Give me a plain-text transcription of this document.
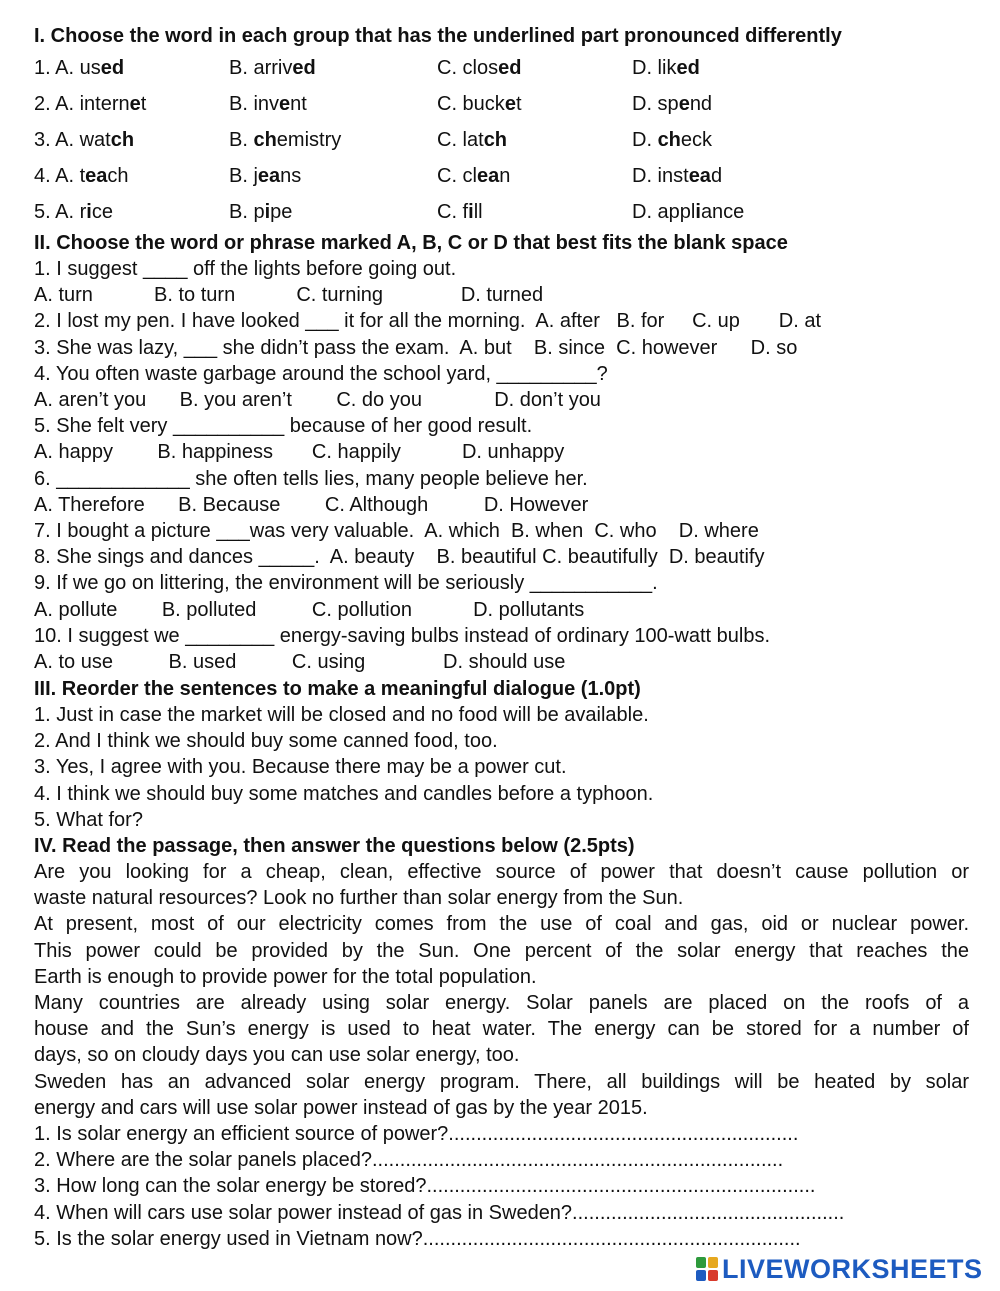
I. Choose the word in each group that has the underlined part pronounced differently
1. A. used	B. arrived	C. closed	D. liked
2. A. internet	B. invent	C. bucket	D. spend
3. A. watch	B. chemistry	C. latch	D. check
4. A. teach	B. jeans	C. clean	D. instead
5. A. rice	B. pipe	C. fill	D. appliance
II. Choose the word or phrase marked A, B, C or D that best fits the blank space
1. I suggest ____ off the lights before going out.
A. turn           B. to turn           C. turning              D. turned
2. I lost my pen. I have looked ___ it for all the morning.  A. after   B. for     C. up       D. at
3. She was lazy, ___ she didn’t pass the exam.  A. but    B. since  C. however      D. so
4. You often waste garbage around the school yard, _________?
A. aren’t you      B. you aren’t        C. do you             D. don’t you
5. She felt very __________ because of her good result.
A. happy        B. happiness       C. happily           D. unhappy
6. ____________ she often tells lies, many people believe her.
A. Therefore      B. Because        C. Although          D. However
7. I bought a picture ___was very valuable.  A. which  B. when  C. who    D. where
8. She sings and dances _____.  A. beauty    B. beautiful C. beautifully  D. beautify
9. If we go on littering, the environment will be seriously ___________.
A. pollute        B. polluted          C. pollution           D. pollutants
10. I suggest we ________ energy-saving bulbs instead of ordinary 100-watt bulbs.
A. to use          B. used          C. using              D. should use
III. Reorder the sentences to make a meaningful dialogue (1.0pt)
1. Just in case the market will be closed and no food will be available.
2. And I think we should buy some canned food, too.
3. Yes, I agree with you. Because there may be a power cut.
4. I think we should buy some matches and candles before a typhoon.
5. What for?
IV. Read the passage, then answer the questions below (2.5pts)
Are you looking for a cheap, clean, effective source of power that doesn’t cause pollution or
waste natural resources? Look no further than solar energy from the Sun.
At present, most of our electricity comes from the use of coal and gas, oid or nuclear power.
This power could be provided by the Sun. One percent of the solar energy that reaches the
Earth is enough to provide power for the total population.
Many countries are already using solar energy. Solar panels are placed on the roofs of a
house and the Sun’s energy is used to heat water. The energy can be stored for a number of
days, so on cloudy days you can use solar energy, too.
Sweden has an advanced solar energy program. There, all buildings will be heated by solar
energy and cars will use solar power instead of gas by the year 2015.
1. Is solar energy an efficient source of power?...............................................................
2. Where are the solar panels placed?..........................................................................
3. How long can the solar energy be stored?......................................................................
4. When will cars use solar power instead of gas in Sweden?.................................................
5. Is the solar energy used in Vietnam now?....................................................................
LIVEWORKSHEETS
